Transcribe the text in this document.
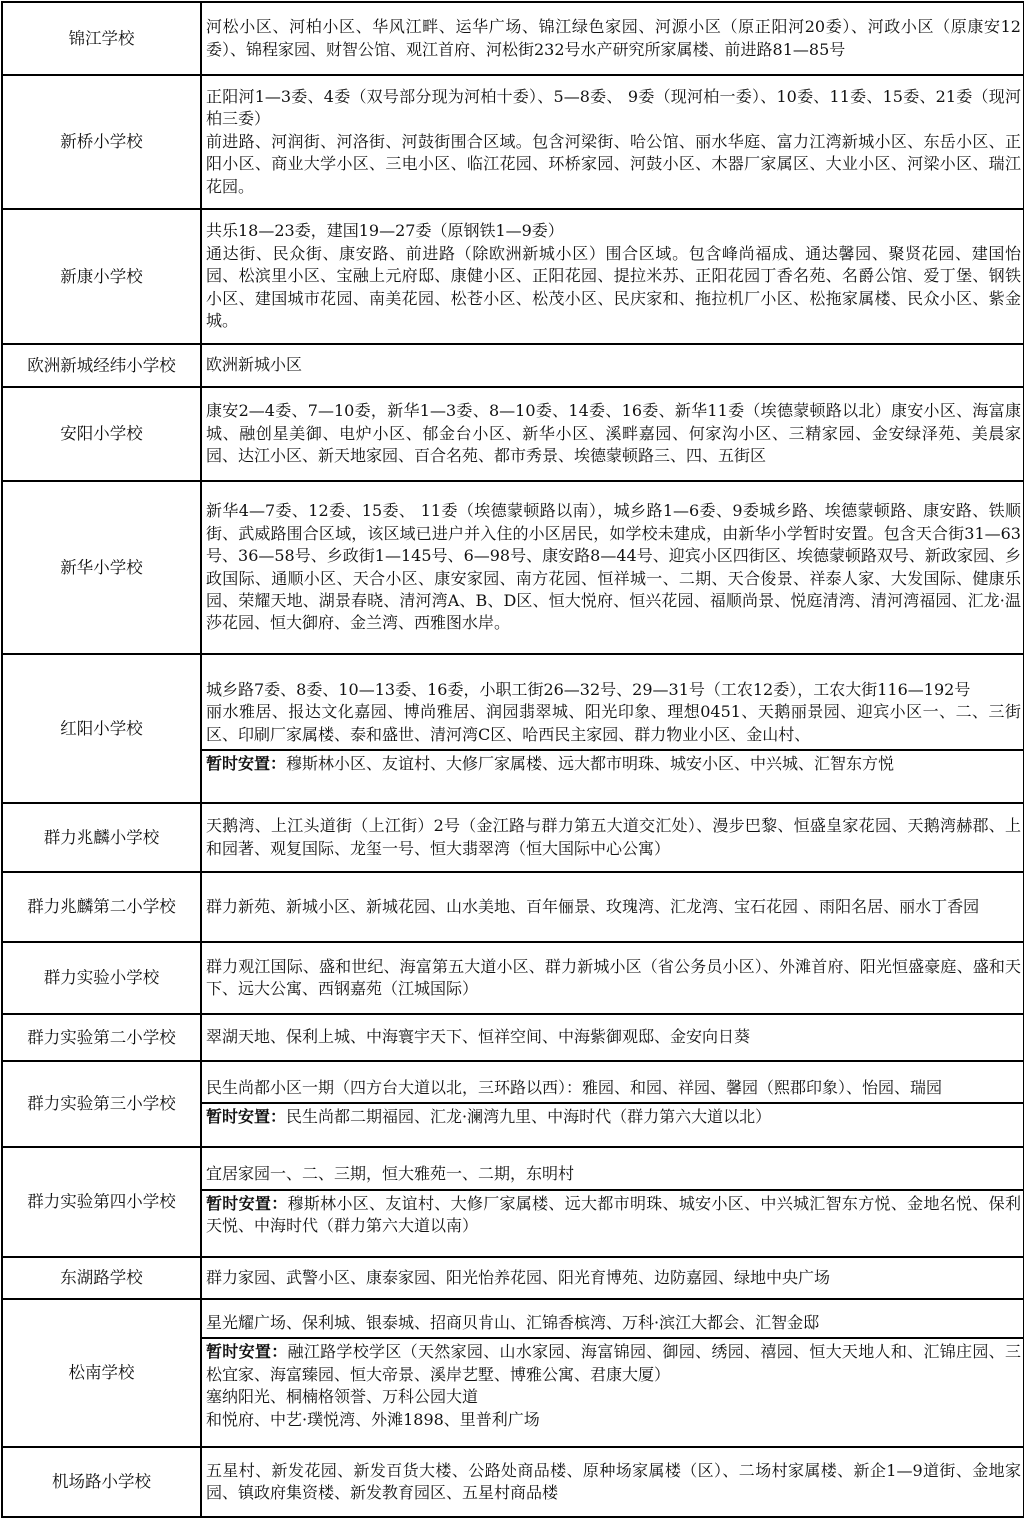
锦江学校	河松小区、河柏小区、华风江畔、运华广场、锦江绿色家园、河源小区（原正阳河20委）、河政小区（原康安12委）、锦程家园、财智公馆、观江首府、河松街232号水产研究所家属楼、前进路81—85号

新桥小学校	正阳河1—3委、4委（双号部分现为河柏十委）、5—8委、 9委（现河柏一委）、10委、11委、15委、21委（现河柏三委）
前进路、河润街、河洛街、河鼓街围合区域。包含河梁街、哈公馆、丽水华庭、富力江湾新城小区、东岳小区、正阳小区、商业大学小区、三电小区、临江花园、环桥家园、河鼓小区、木器厂家属区、大业小区、河梁小区、瑞江花园。

新康小学校	共乐18—23委，建国19—27委（原钢铁1—9委）
通达街、民众街、康安路、前进路（除欧洲新城小区）围合区域。包含峰尚福成、通达馨园、聚贤花园、建国怡园、松滨里小区、宝融上元府邸、康健小区、正阳花园、提拉米苏、正阳花园丁香名苑、名爵公馆、爱丁堡、钢铁小区、建国城市花园、南美花园、松苍小区、松茂小区、民庆家和、拖拉机厂小区、松拖家属楼、民众小区、紫金城。

欧洲新城经纬小学校	欧洲新城小区

安阳小学校	康安2—4委、7—10委，新华1—3委、8—10委、14委、16委、新华11委（埃德蒙顿路以北）康安小区、海富康城、融创星美御、电炉小区、郁金台小区、新华小区、溪畔嘉园、何家沟小区、三精家园、金安绿泽苑、美晨家园、达江小区、新天地家园、百合名苑、都市秀景、埃德蒙顿路三、四、五街区

新华小学校	新华4—7委、12委、15委、 11委（埃德蒙顿路以南），城乡路1—6委、9委城乡路、埃德蒙顿路、康安路、铁顺街、武威路围合区域，该区域已进户并入住的小区居民，如学校未建成，由新华小学暂时安置。包含天合街31—63号、36—58号、乡政街1—145号、6—98号、康安路8—44号、迎宾小区四街区、埃德蒙顿路双号、新政家园、乡政国际、通顺小区、天合小区、康安家园、南方花园、恒祥城一、二期、天合俊景、祥泰人家、大发国际、健康乐园、荣耀天地、湖景春晓、清河湾A、B、D区、恒大悦府、恒兴花园、福顺尚景、悦庭清湾、清河湾福园、汇龙·温莎花园、恒大御府、金兰湾、西雅图水岸。

红阳小学校	城乡路7委、8委、10—13委、16委，小职工街26—32号、29—31号（工农12委），工农大街116—192号
丽水雅居、报达文化嘉园、博尚雅居、润园翡翠城、阳光印象、理想0451、天鹅丽景园、迎宾小区一、二、三街区、印刷厂家属楼、泰和盛世、清河湾C区、哈西民主家园、群力物业小区、金山村、
暂时安置：穆斯林小区、友谊村、大修厂家属楼、远大都市明珠、城安小区、中兴城、汇智东方悦

群力兆麟小学校	天鹅湾、上江头道街（上江街）2号（金江路与群力第五大道交汇处）、漫步巴黎、恒盛皇家花园、天鹅湾赫郡、上和园著、观复国际、龙玺一号、恒大翡翠湾（恒大国际中心公寓）

群力兆麟第二小学校	群力新苑、新城小区、新城花园、山水美地、百年俪景、玫瑰湾、汇龙湾、宝石花园 、雨阳名居、丽水丁香园

群力实验小学校	群力观江国际、盛和世纪、海富第五大道小区、群力新城小区（省公务员小区）、外滩首府、阳光恒盛豪庭、盛和天下、远大公寓、西钢嘉苑（江城国际）

群力实验第二小学校	翠湖天地、保利上城、中海寰宇天下、恒祥空间、中海紫御观邸、金安向日葵

群力实验第三小学校	民生尚都小区一期（四方台大道以北，三环路以西）：雅园、和园、祥园、馨园（熙郡印象）、怡园、瑞园
暂时安置：民生尚都二期福园、汇龙·澜湾九里、中海时代（群力第六大道以北）

群力实验第四小学校	宜居家园一、二、三期，恒大雅苑一、二期，东明村
暂时安置：穆斯林小区、友谊村、大修厂家属楼、远大都市明珠、城安小区、中兴城汇智东方悦、金地名悦、保利天悦、中海时代（群力第六大道以南）

东湖路学校	群力家园、武警小区、康泰家园、阳光怡养花园、阳光育博苑、边防嘉园、绿地中央广场

松南学校	星光耀广场、保利城、银泰城、招商贝肯山、汇锦香槟湾、万科·滨江大都会、汇智金邸
暂时安置：融江路学校学区（天然家园、山水家园、海富锦园、御园、绣园、禧园、恒大天地人和、汇锦庄园、三松宜家、海富臻园、恒大帝景、溪岸艺墅、博雅公寓、君康大厦）
塞纳阳光、桐楠格领誉、万科公园大道
和悦府、中艺·璞悦湾、外滩1898、里普利广场

机场路小学校	五星村、新发花园、新发百货大楼、公路处商品楼、原种场家属楼（区）、二场村家属楼、新企1—9道街、金地家园、镇政府集资楼、新发教育园区、五星村商品楼
